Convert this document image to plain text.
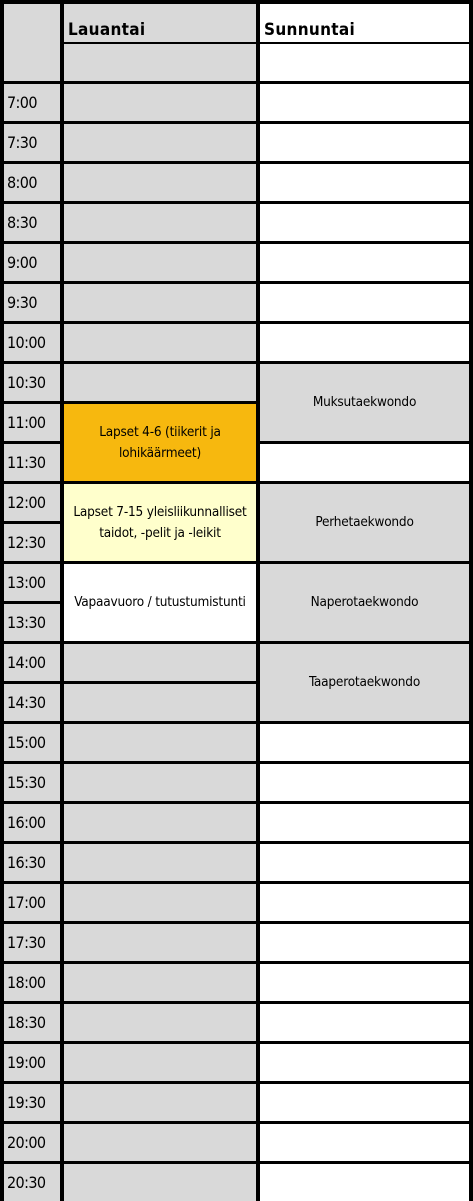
Lauantai	Sunnuntai
7:00
7:30
8:00
8:30
9:00
9:30
10:00
10:30
11:00
11:30
12:00
12:30
13:00
13:30
14:00
14:30
15:00
15:30
16:00
16:30
17:00
17:30
18:00
18:30
19:00
19:30
20:00
20:30
Lapset 4-6 (tiikerit ja lohikäärmeet)
Lapset 7-15 yleisliikunnalliset taidot, -pelit ja -leikit
Vapaavuoro / tutustumistunti
Muksutaekwondo
Perhetaekwondo
Naperotaekwondo
Taaperotaekwondo
